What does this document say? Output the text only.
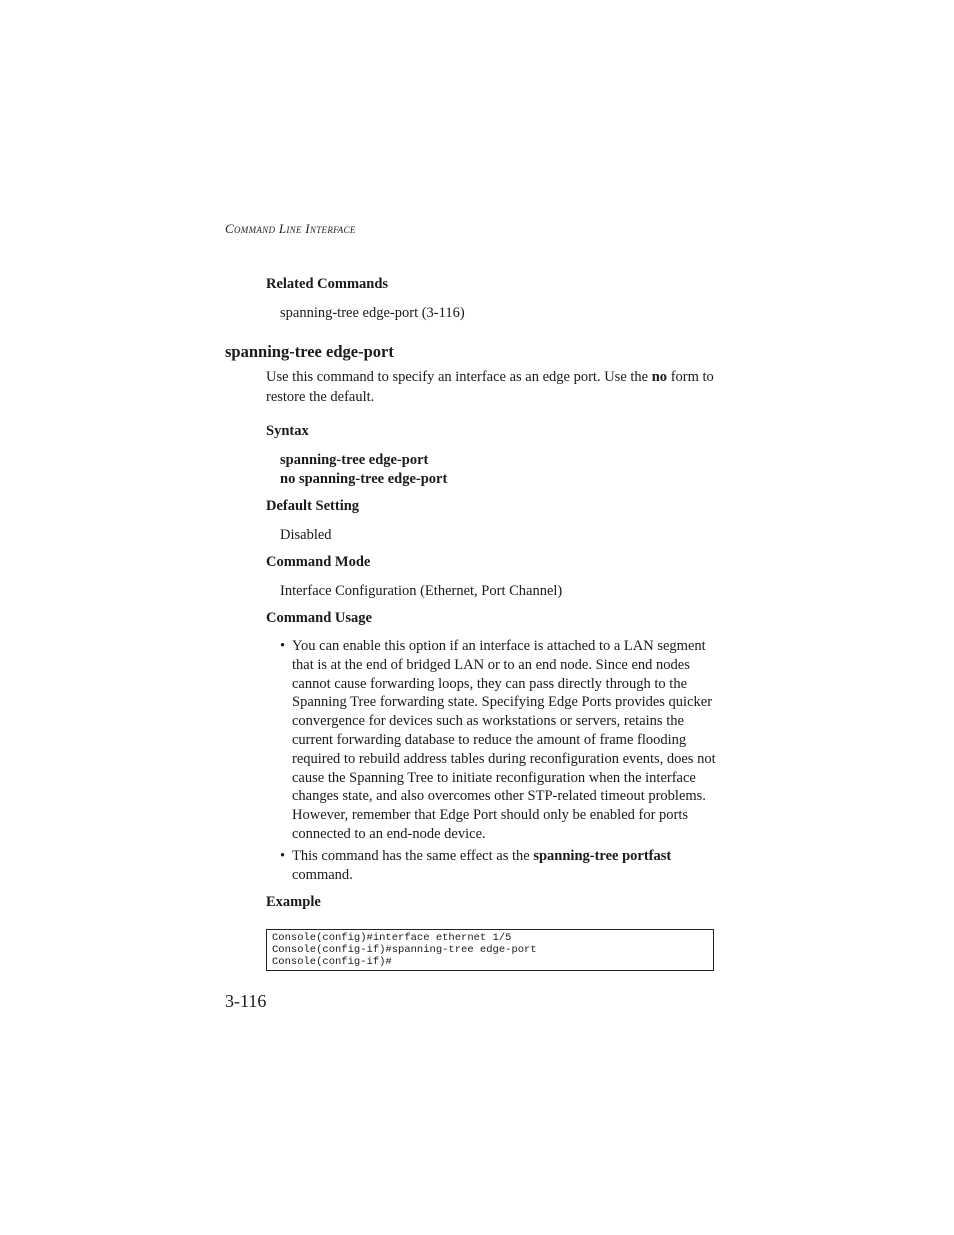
Command Line Interface
Related Commands
spanning-tree edge-port (3-116)
spanning-tree edge-port

Use this command to specify an interface as an edge port. Use the no form to restore the default.

Syntax
spanning-tree edge-port
no spanning-tree edge-port
Default Setting
Disabled
Command Mode
Interface Configuration (Ethernet, Port Channel)
Command Usage
• You can enable this option if an interface is attached to a LAN segment that is at the end of bridged LAN or to an end node. Since end nodes cannot cause forwarding loops, they can pass directly through to the Spanning Tree forwarding state. Specifying Edge Ports provides quicker convergence for devices such as workstations or servers, retains the current forwarding database to reduce the amount of frame flooding required to rebuild address tables during reconfiguration events, does not cause the Spanning Tree to initiate reconfiguration when the interface changes state, and also overcomes other STP-related timeout problems. However, remember that Edge Port should only be enabled for ports connected to an end-node device.
• This command has the same effect as the spanning-tree portfast command.
Example
Console(config)#interface ethernet 1/5
Console(config-if)#spanning-tree edge-port
Console(config-if)#
3-116
